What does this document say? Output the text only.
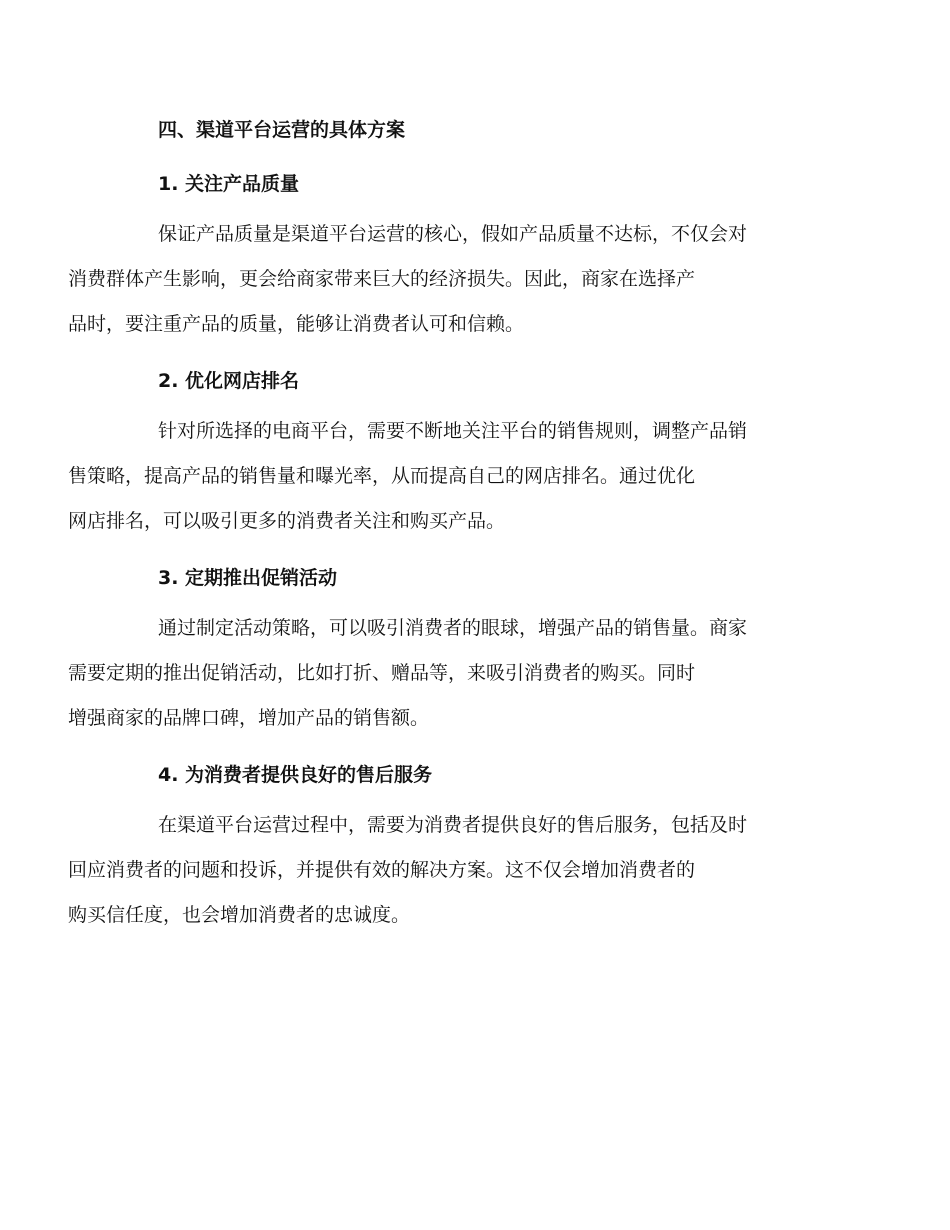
四、渠道平台运营的具体方案
1. 关注产品质量
保证产品质量是渠道平台运营的核心，假如产品质量不达标，不仅会对
消费群体产生影响，更会给商家带来巨大的经济损失。因此，商家在选择产
品时，要注重产品的质量，能够让消费者认可和信赖。
2. 优化网店排名
针对所选择的电商平台，需要不断地关注平台的销售规则，调整产品销
售策略，提高产品的销售量和曝光率，从而提高自己的网店排名。通过优化
网店排名，可以吸引更多的消费者关注和购买产品。
3. 定期推出促销活动
通过制定活动策略，可以吸引消费者的眼球，增强产品的销售量。商家
需要定期的推出促销活动，比如打折、赠品等，来吸引消费者的购买。同时
增强商家的品牌口碑，增加产品的销售额。
4. 为消费者提供良好的售后服务
在渠道平台运营过程中，需要为消费者提供良好的售后服务，包括及时
回应消费者的问题和投诉，并提供有效的解决方案。这不仅会增加消费者的
购买信任度，也会增加消费者的忠诚度。
